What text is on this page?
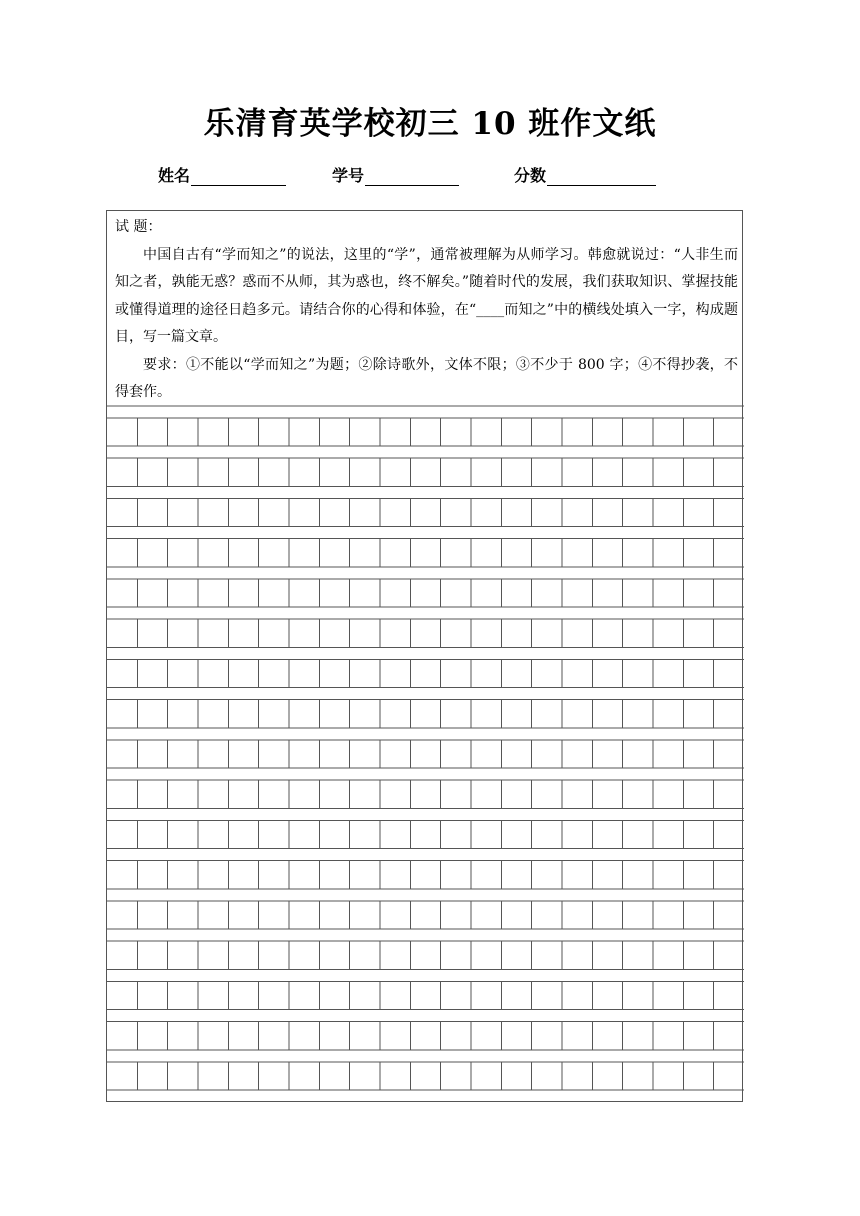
乐清育英学校初三 10 班作文纸
姓名	学号	分数

试 题：

中国自古有“学而知之”的说法，这里的“学”，通常被理解为从师学习。韩愈就说过：“人非生而知之者，孰能无惑？惑而不从师，其为惑也，终不解矣。”随着时代的发展，我们获取知识、掌握技能或懂得道理的途径日趋多元。请结合你的心得和体验，在“____而知之”中的横线处填入一字，构成题目，写一篇文章。

要求：①不能以“学而知之”为题；②除诗歌外，文体不限；③不少于 800 字；④不得抄袭，不得套作。
